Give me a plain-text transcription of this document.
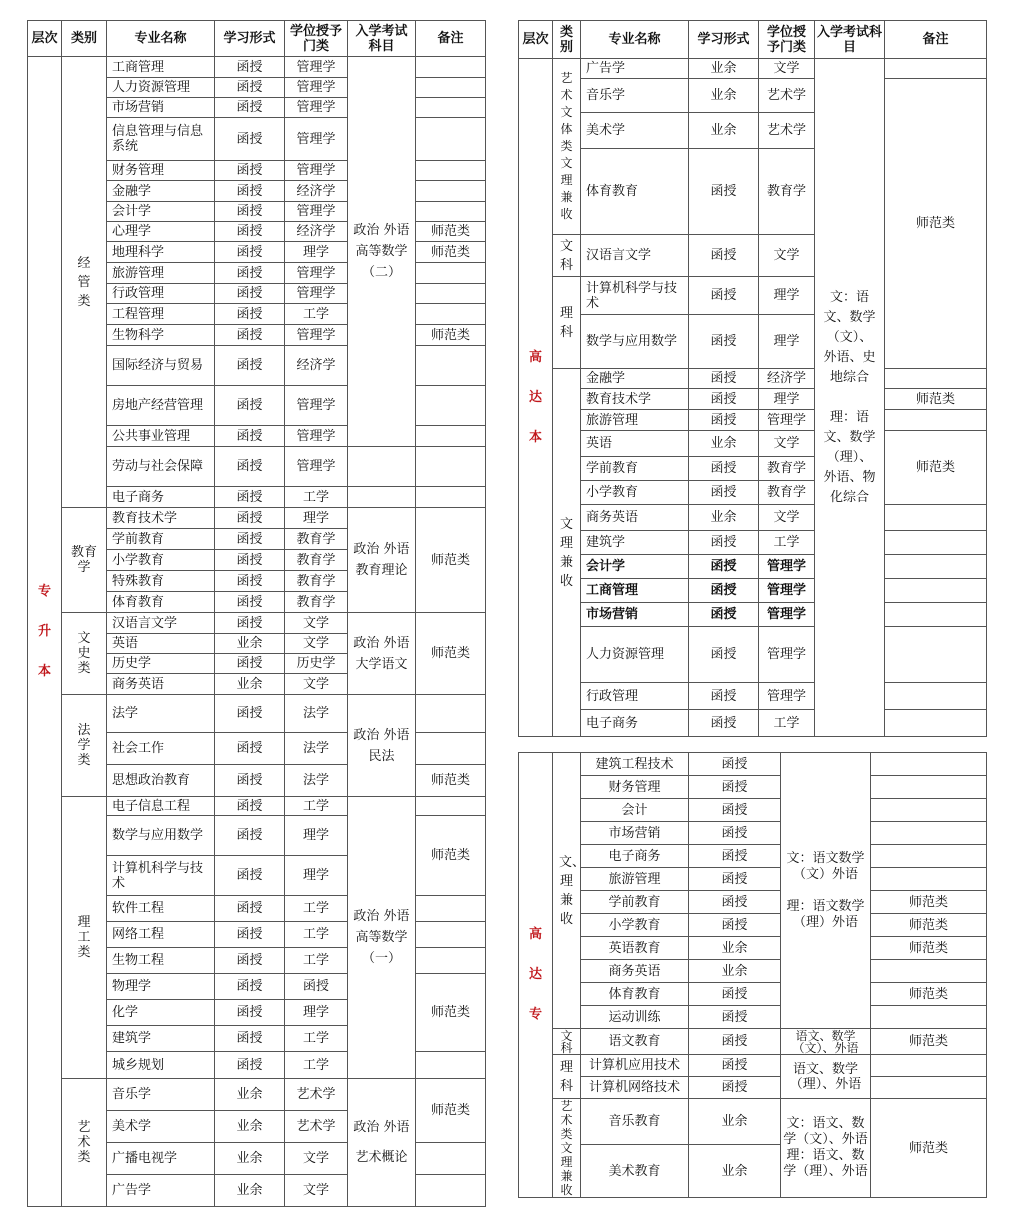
层次	类别	专业名称	学习形式	学位授予门类	入学考试科目	备注
专升本	经管类	工商管理	函授	管理学	政治 外语 高等数学（二）	
		人力资源管理	函授	管理学		
		市场营销	函授	管理学		
		信息管理与信息系统	函授	管理学		
		财务管理	函授	管理学		
		金融学	函授	经济学		
		会计学	函授	管理学		
		心理学	函授	经济学		师范类
		地理科学	函授	理学		师范类
		旅游管理	函授	管理学		
		行政管理	函授	管理学		
		工程管理	函授	工学		
		生物科学	函授	管理学		师范类
		国际经济与贸易	函授	经济学		
		房地产经营管理	函授	管理学		
		公共事业管理	函授	管理学		
		劳动与社会保障	函授	管理学		
		电子商务	函授	工学		
	教育学	教育技术学	函授	理学	政治 外语 教育理论	师范类
		学前教育	函授	教育学		
		小学教育	函授	教育学		
		特殊教育	函授	教育学		
		体育教育	函授	教育学		
	文史类	汉语言文学	函授	文学	政治 外语 大学语文	师范类
		英语	业余	文学		
		历史学	函授	历史学		
		商务英语	业余	文学		
	法学类	法学	函授	法学	政治 外语 民法	
		社会工作	函授	法学		
		思想政治教育	函授	法学		师范类
	理工类	电子信息工程	函授	工学	政治 外语 高等数学（一）	
		数学与应用数学	函授	理学		师范类
		计算机科学与技术	函授	理学		
		软件工程	函授	工学		
		网络工程	函授	工学		
		生物工程	函授	工学		
		物理学	函授	函授		师范类
		化学	函授	理学		
		建筑学	函授	工学		
		城乡规划	函授	工学		
	艺术类	音乐学	业余	艺术学	政治 外语 艺术概论	师范类
		美术学	业余	艺术学		
		广播电视学	业余	文学		
		广告学	业余	文学		
层次	类别	专业名称	学习形式	学位授予门类	入学考试科目	备注
高达本	艺术文体类文理兼收	广告学	业余	文学	文：语文、数学（文）、外语、史地综合

理：语文、数学（理）、外语、物化综合	
		音乐学	业余	艺术学		师范类
		美术学	业余	艺术学		
		体育教育	函授	教育学		
	文科	汉语言文学	函授	文学		
	理科	计算机科学与技术	函授	理学		
		数学与应用数学	函授	理学		
	文理兼收	金融学	函授	经济学		
		教育技术学	函授	理学		师范类
		旅游管理	函授	管理学		
		英语	业余	文学		师范类
		学前教育	函授	教育学		
		小学教育	函授	教育学		
		商务英语	业余	文学		
		建筑学	函授	工学		
		会计学	函授	管理学		
		工商管理	函授	管理学		
		市场营销	函授	管理学		
		人力资源管理	函授	管理学		
		行政管理	函授	管理学		
		电子商务	函授	工学		
高达专	文、理兼收	建筑工程技术	函授	文：语文数学（文）外语

理：语文数学（理）外语	
		财务管理	函授		
		会计	函授		
		市场营销	函授		
		电子商务	函授		
		旅游管理	函授		
		学前教育	函授		师范类
		小学教育	函授		师范类
		英语教育	业余		师范类
		商务英语	业余		
		体育教育	函授		师范类
		运动训练	函授		
	文科	语文教育	函授	语文、数学（文）、外语	师范类
	理科	计算机应用技术	函授	语文、数学（理）、外语	
		计算机网络技术	函授		
	艺术类文理兼收	音乐教育	业余	文：语文、数学（文）、外语
理：语文、数学（理）、外语	师范类
		美术教育	业余		
